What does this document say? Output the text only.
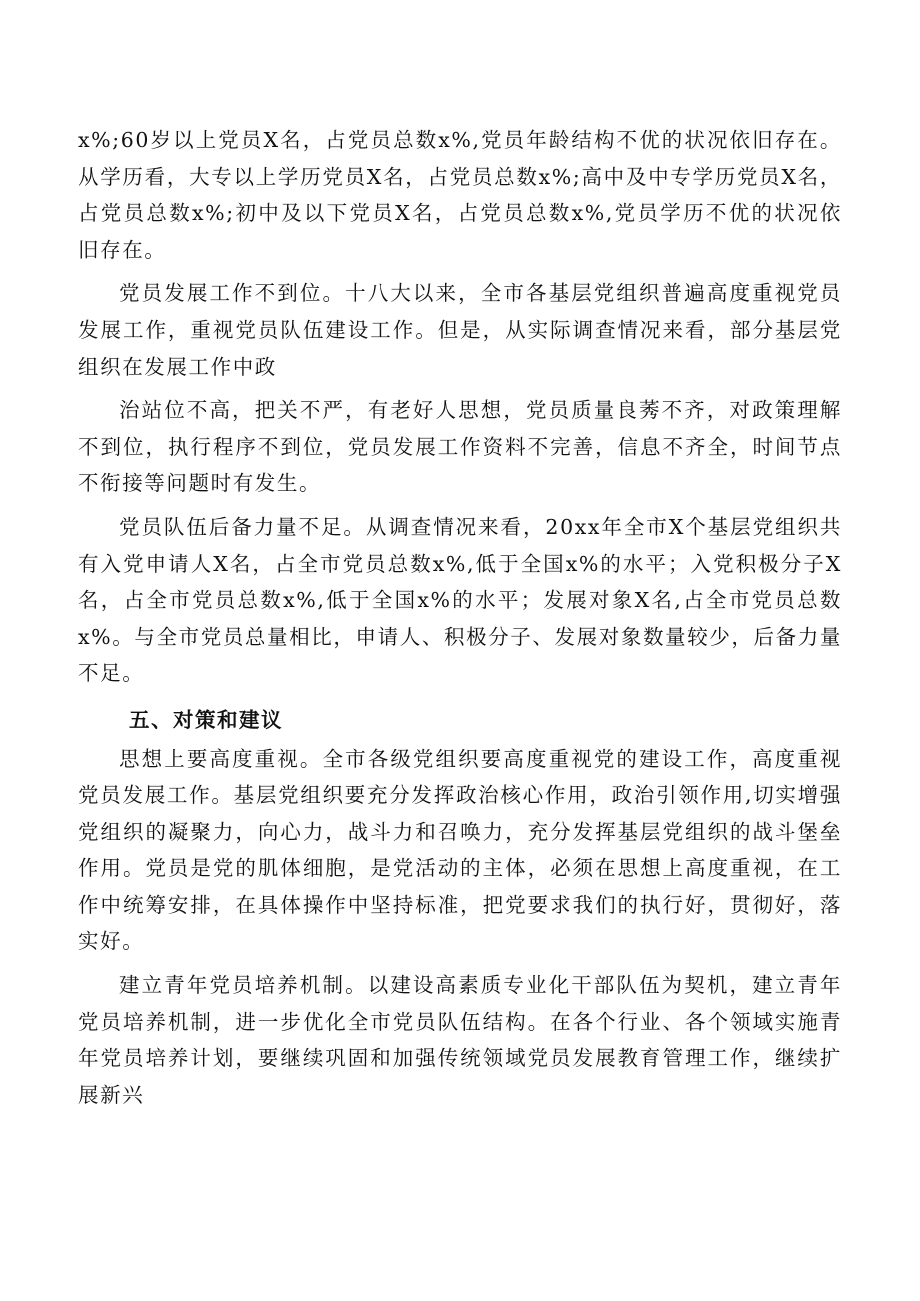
x%;60岁以上党员X名，占党员总数x%,党员年龄结构不优的状况依旧存在。从学历看，大专以上学历党员X名，占党员总数x%;高中及中专学历党员X名，占党员总数x%;初中及以下党员X名，占党员总数x%,党员学历不优的状况依旧存在。

党员发展工作不到位。十八大以来，全市各基层党组织普遍高度重视党员发展工作，重视党员队伍建设工作。但是，从实际调查情况来看，部分基层党组织在发展工作中政

治站位不高，把关不严，有老好人思想，党员质量良莠不齐，对政策理解不到位，执行程序不到位，党员发展工作资料不完善，信息不齐全，时间节点不衔接等问题时有发生。

党员队伍后备力量不足。从调查情况来看，20xx年全市X个基层党组织共有入党申请人X名，占全市党员总数x%,低于全国x%的水平；入党积极分子X名，占全市党员总数x%,低于全国x%的水平；发展对象X名,占全市党员总数x%。与全市党员总量相比，申请人、积极分子、发展对象数量较少，后备力量不足。

五、对策和建议

思想上要高度重视。全市各级党组织要高度重视党的建设工作，高度重视党员发展工作。基层党组织要充分发挥政治核心作用，政治引领作用,切实增强党组织的凝聚力，向心力，战斗力和召唤力，充分发挥基层党组织的战斗堡垒作用。党员是党的肌体细胞，是党活动的主体，必须在思想上高度重视，在工作中统筹安排，在具体操作中坚持标准，把党要求我们的执行好，贯彻好，落实好。

建立青年党员培养机制。以建设高素质专业化干部队伍为契机，建立青年党员培养机制，进一步优化全市党员队伍结构。在各个行业、各个领域实施青年党员培养计划，要继续巩固和加强传统领域党员发展教育管理工作，继续扩展新兴
